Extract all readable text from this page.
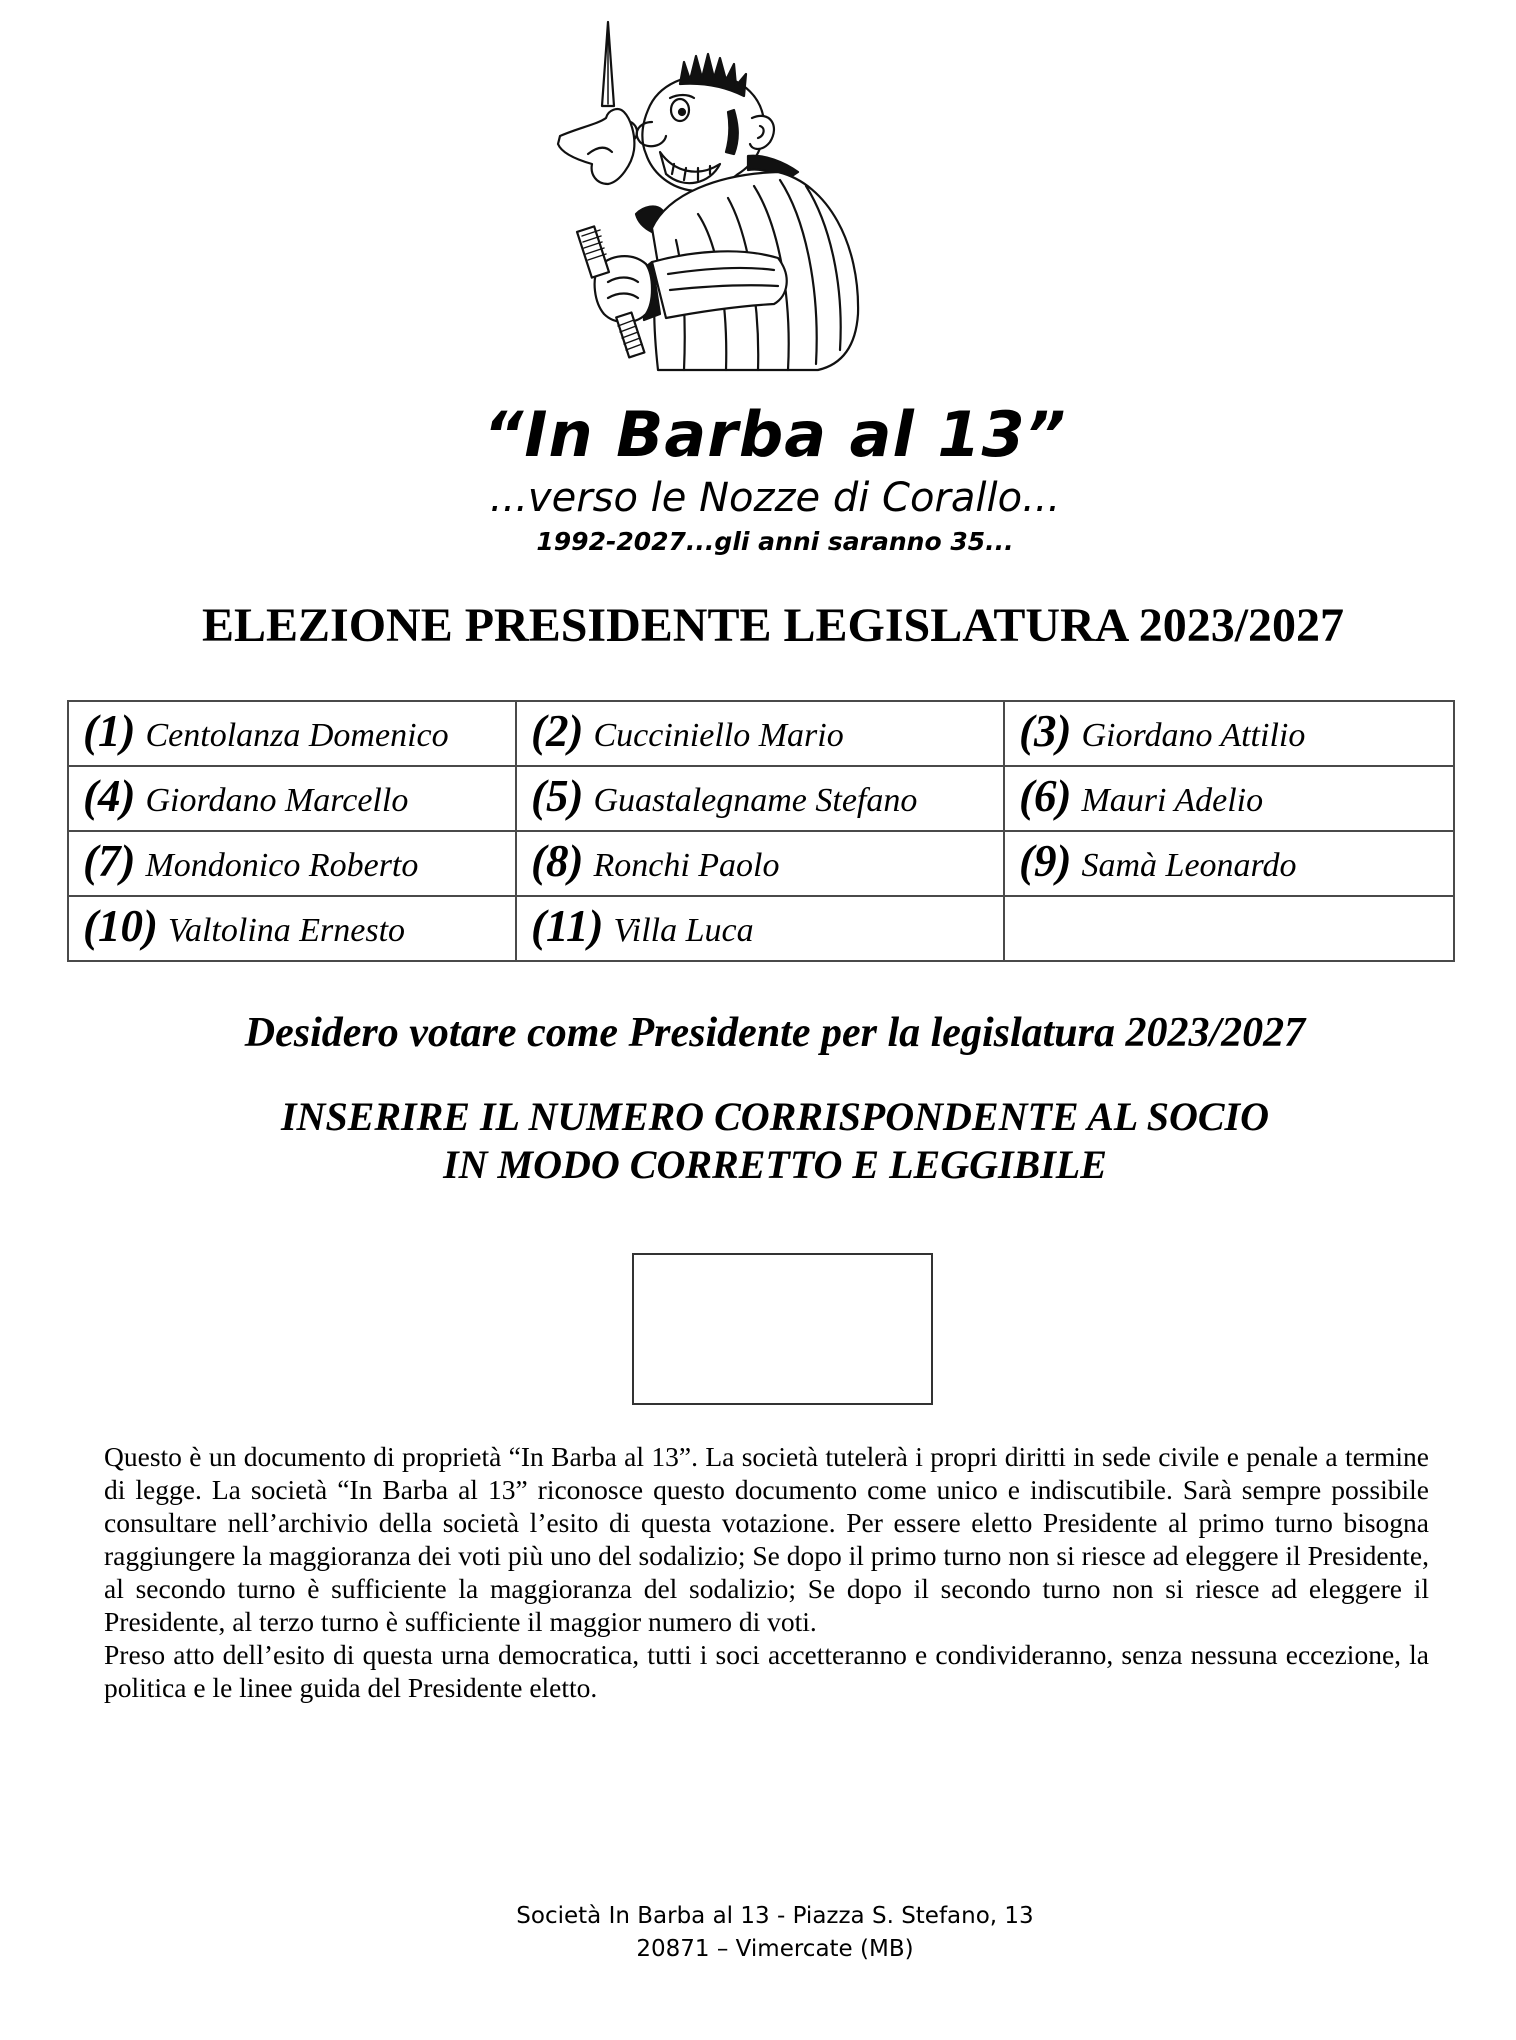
“In Barba al 13”
...verso le Nozze di Corallo...
1992-2027...gli anni saranno 35...
ELEZIONE PRESIDENTE LEGISLATURA 2023/2027
(1) Centolanza Domenico	(2) Cucciniello Mario	(3) Giordano Attilio
(4) Giordano Marcello	(5) Guastalegname Stefano	(6) Mauri Adelio
(7) Mondonico Roberto	(8) Ronchi Paolo	(9) Samà Leonardo
(10) Valtolina Ernesto	(11) Villa Luca	
Desidero votare come Presidente per la legislatura 2023/2027
INSERIRE IL NUMERO CORRISPONDENTE AL SOCIO
IN MODO CORRETTO E LEGGIBILE

Questo è un documento di proprietà “In Barba al 13”. La società tutelerà i propri diritti in sede civile e penale a termine di legge. La società “In Barba al 13” riconosce questo documento come unico e indiscutibile. Sarà sempre possibile consultare nell’archivio della società l’esito di questa votazione. Per essere eletto Presidente al primo turno bisogna raggiungere la maggioranza dei voti più uno del sodalizio; Se dopo il primo turno non si riesce ad eleggere il Presidente, al secondo turno è sufficiente la maggioranza del sodalizio; Se dopo il secondo turno non si riesce ad eleggere il Presidente, al terzo turno è sufficiente il maggior numero di voti.

Preso atto dell’esito di questa urna democratica, tutti i soci accetteranno e condivideranno, senza nessuna eccezione, la politica e le linee guida del Presidente eletto.

Società In Barba al 13 - Piazza S. Stefano, 13
20871 – Vimercate (MB)
